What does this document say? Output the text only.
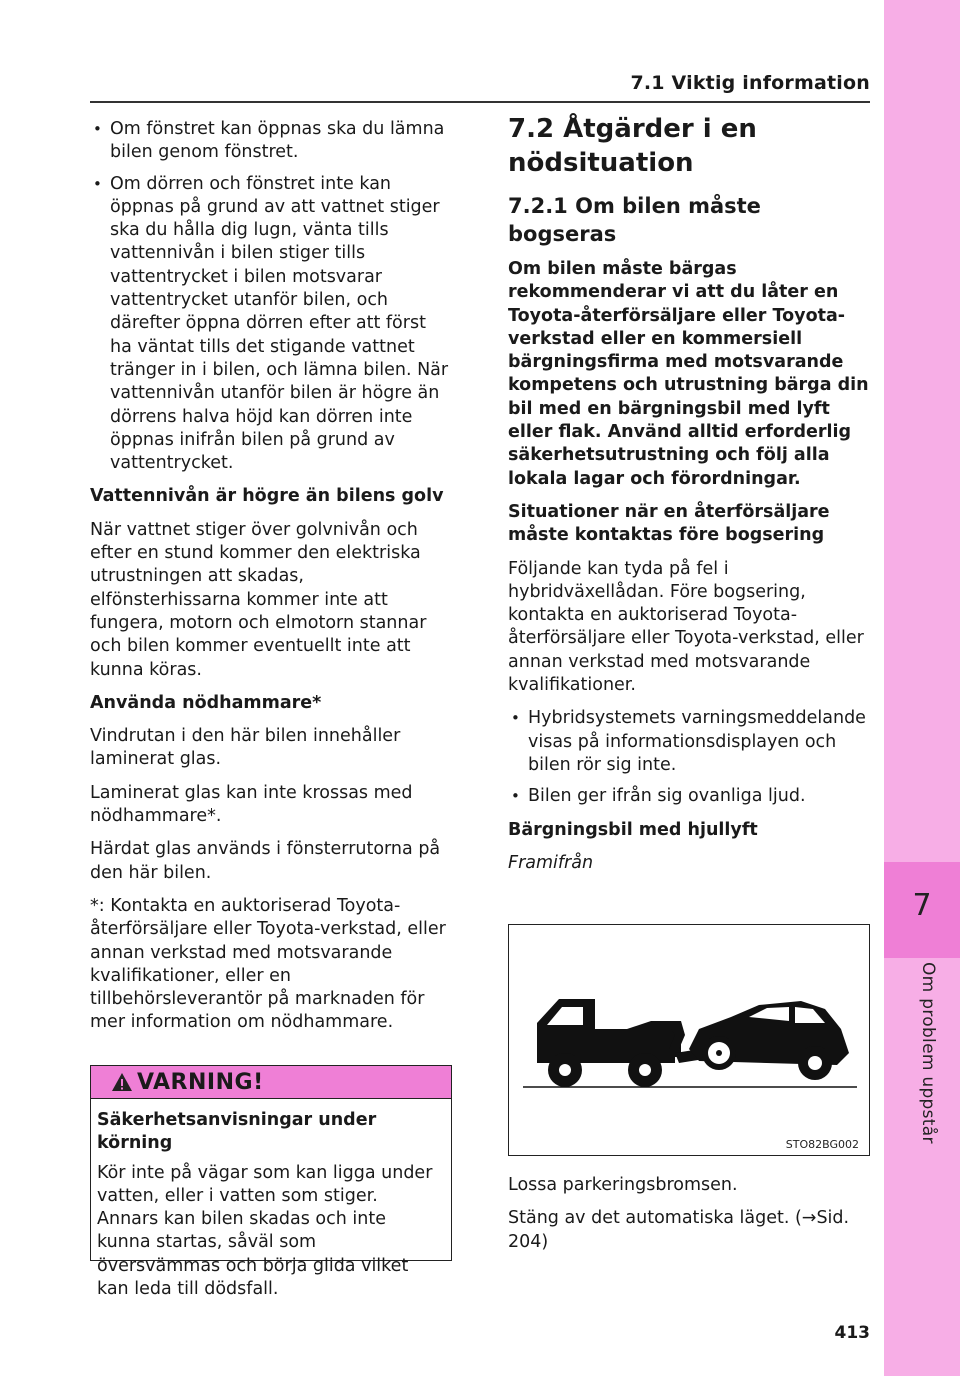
7.1 Viktig information
7
Om problem uppstår
• Om fönstret kan öppnas ska du lämna bilen genom fönstret.
• Om dörren och fönstret inte kan öppnas på grund av att vattnet stiger ska du hålla dig lugn, vänta tills vattennivån i bilen stiger tills vattentrycket i bilen motsvarar vattentrycket utanför bilen, och därefter öppna dörren efter att först ha väntat tills det stigande vattnet tränger in i bilen, och lämna bilen. När vattennivån utanför bilen är högre än dörrens halva höjd kan dörren inte öppnas inifrån bilen på grund av vattentrycket.

Vattennivån är högre än bilens golv

När vattnet stiger över golvnivån och efter en stund kommer den elektriska utrustningen att skadas, elfönsterhissarna kommer inte att fungera, motorn och elmotorn stannar och bilen kommer eventuellt inte att kunna köras.

Använda nödhammare*

Vindrutan i den här bilen innehåller laminerat glas.

Laminerat glas kan inte krossas med nödhammare*.

Härdat glas används i fönsterrutorna på den här bilen.

*: Kontakta en auktoriserad Toyota-återförsäljare eller Toyota-verkstad, eller annan verkstad med motsvarande kvalifikationer, eller en tillbehörsleverantör på marknaden för mer information om nödhammare.

VARNING!

Säkerhetsanvisningar under körning

Kör inte på vägar som kan ligga under vatten, eller i vatten som stiger. Annars kan bilen skadas och inte kunna startas, såväl som översvämmas och börja glida vilket kan leda till dödsfall.

7.2 Åtgärder i en nödsituation
7.2.1 Om bilen måste bogseras

Om bilen måste bärgas rekommenderar vi att du låter en Toyota-återförsäljare eller Toyota-verkstad eller en kommersiell bärgningsfirma med motsvarande kompetens och utrustning bärga din bil med en bärgningsbil med lyft eller flak. Använd alltid erforderlig säkerhetsutrustning och följ alla lokala lagar och förordningar.

Situationer när en återförsäljare måste kontaktas före bogsering

Följande kan tyda på fel i hybridväxellådan. Före bogsering, kontakta en auktoriserad Toyota-återförsäljare eller Toyota-verkstad, eller annan verkstad med motsvarande kvalifikationer.

• Hybridsystemets varningsmeddelande visas på informationsdisplayen och bilen rör sig inte.
• Bilen ger ifrån sig ovanliga ljud.

Bärgningsbil med hjullyft

Framifrån

STO82BG002

Lossa parkeringsbromsen.

Stäng av det automatiska läget. (→Sid. 204)

413
